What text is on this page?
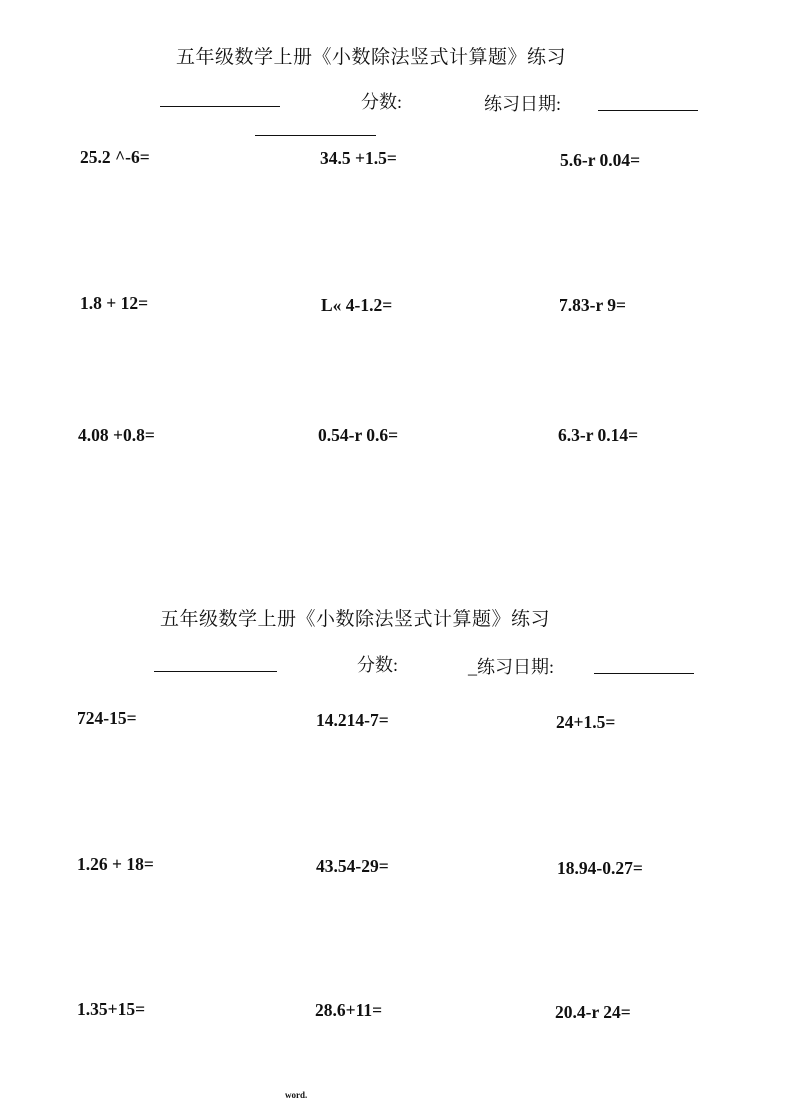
五年级数学上册《小数除法竖式计算题》练习
分数:	练习日期:
25.2 ^-6=	34.5 +1.5=	5.6-r 0.04=
1.8 + 12=	L« 4-1.2=	7.83-r 9=
4.08 +0.8=	0.54-r 0.6=	6.3-r 0.14=
五年级数学上册《小数除法竖式计算题》练习
分数:	_练习日期:
724-15=	14.214-7=	24+1.5=
1.26 + 18=	43.54-29=	18.94-0.27=
1.35+15=	28.6+11=	20.4-r 24=
word.
